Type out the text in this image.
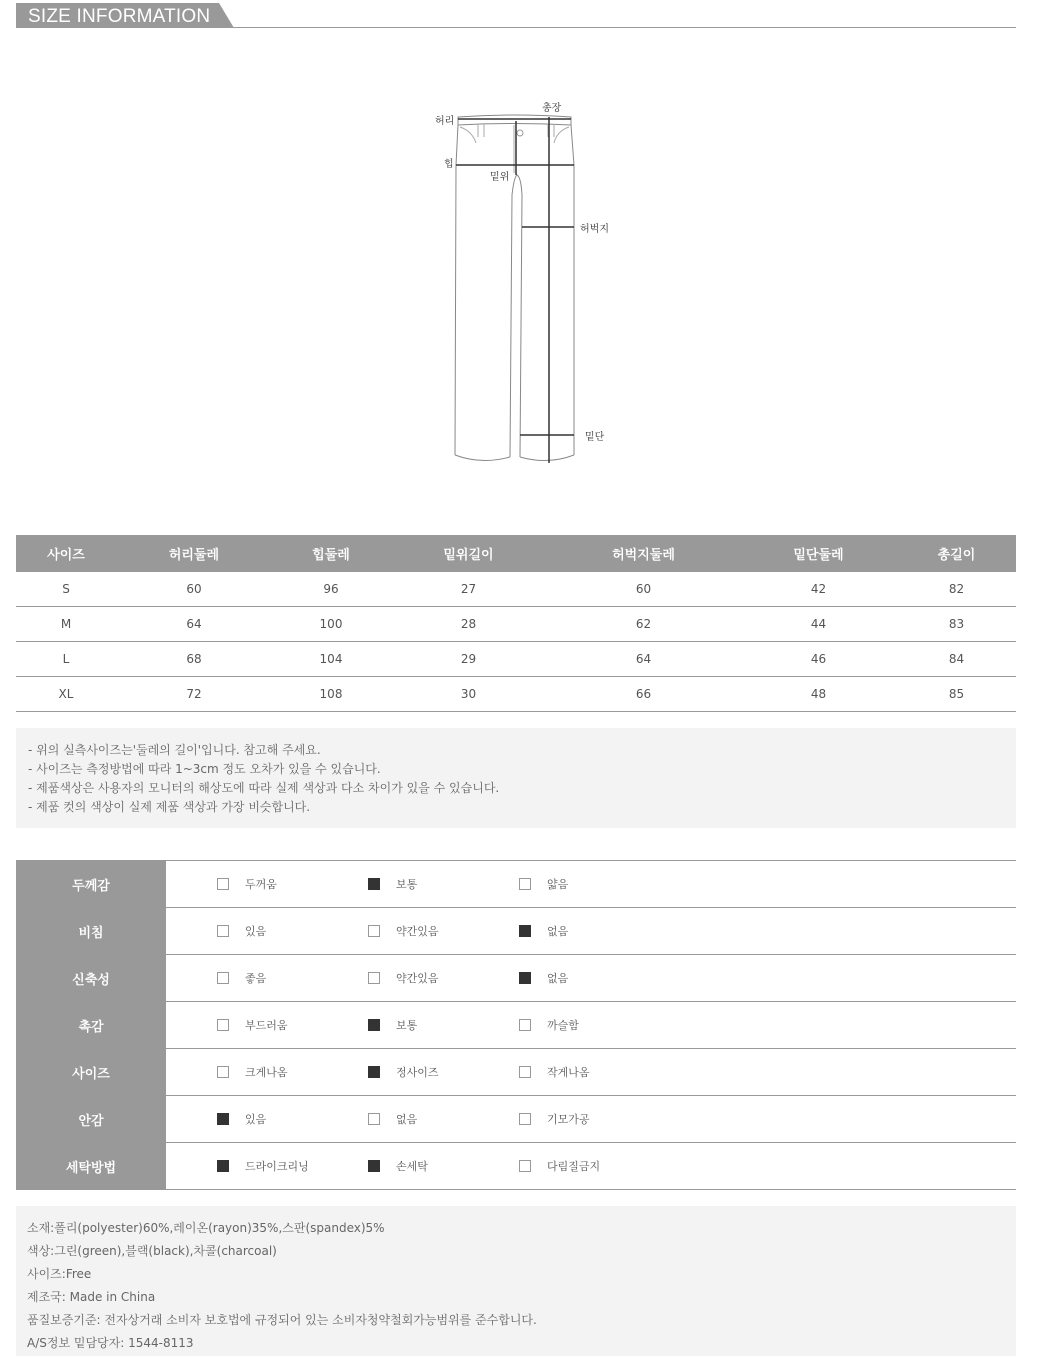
SIZE INFORMATION
허리
총장
힙
밑위
허벅지
밑단
사이즈	허리둘레	힙둘레	밑위길이	허벅지둘레	밑단둘레	총길이
S	60	96	27	60	42	82
M	64	100	28	62	44	83
L	68	104	29	64	46	84
XL	72	108	30	66	48	85

- 위의 실측사이즈는'둘레의 길이'입니다. 참고해 주세요.

- 사이즈는 측정방법에 따라 1~3cm 정도 오차가 있을 수 있습니다.

- 제품색상은 사용자의 모니터의 해상도에 따라 실제 색상과 다소 차이가 있을 수 있습니다.

- 제품 컷의 색상이 실제 제품 색상과 가장 비슷합니다.

두께감	두꺼움	보통	얇음
비침	있음	약간있음	없음
신축성	좋음	약간있음	없음
촉감	부드러움	보통	까슬함
사이즈	크게나옴	정사이즈	작게나옴
안감	있음	없음	기모가공
세탁방법	드라이크리닝	손세탁	다림질금지

소재:폴리(polyester)60%,레이온(rayon)35%,스판(spandex)5%

색상:그린(green),블랙(black),차콜(charcoal)

사이즈:Free

제조국: Made in China

품질보증기준: 전자상거래 소비자 보호법에 규정되어 있는 소비자청약철회가능범위를 준수합니다.

A/S정보 밑담당자: 1544-8113
